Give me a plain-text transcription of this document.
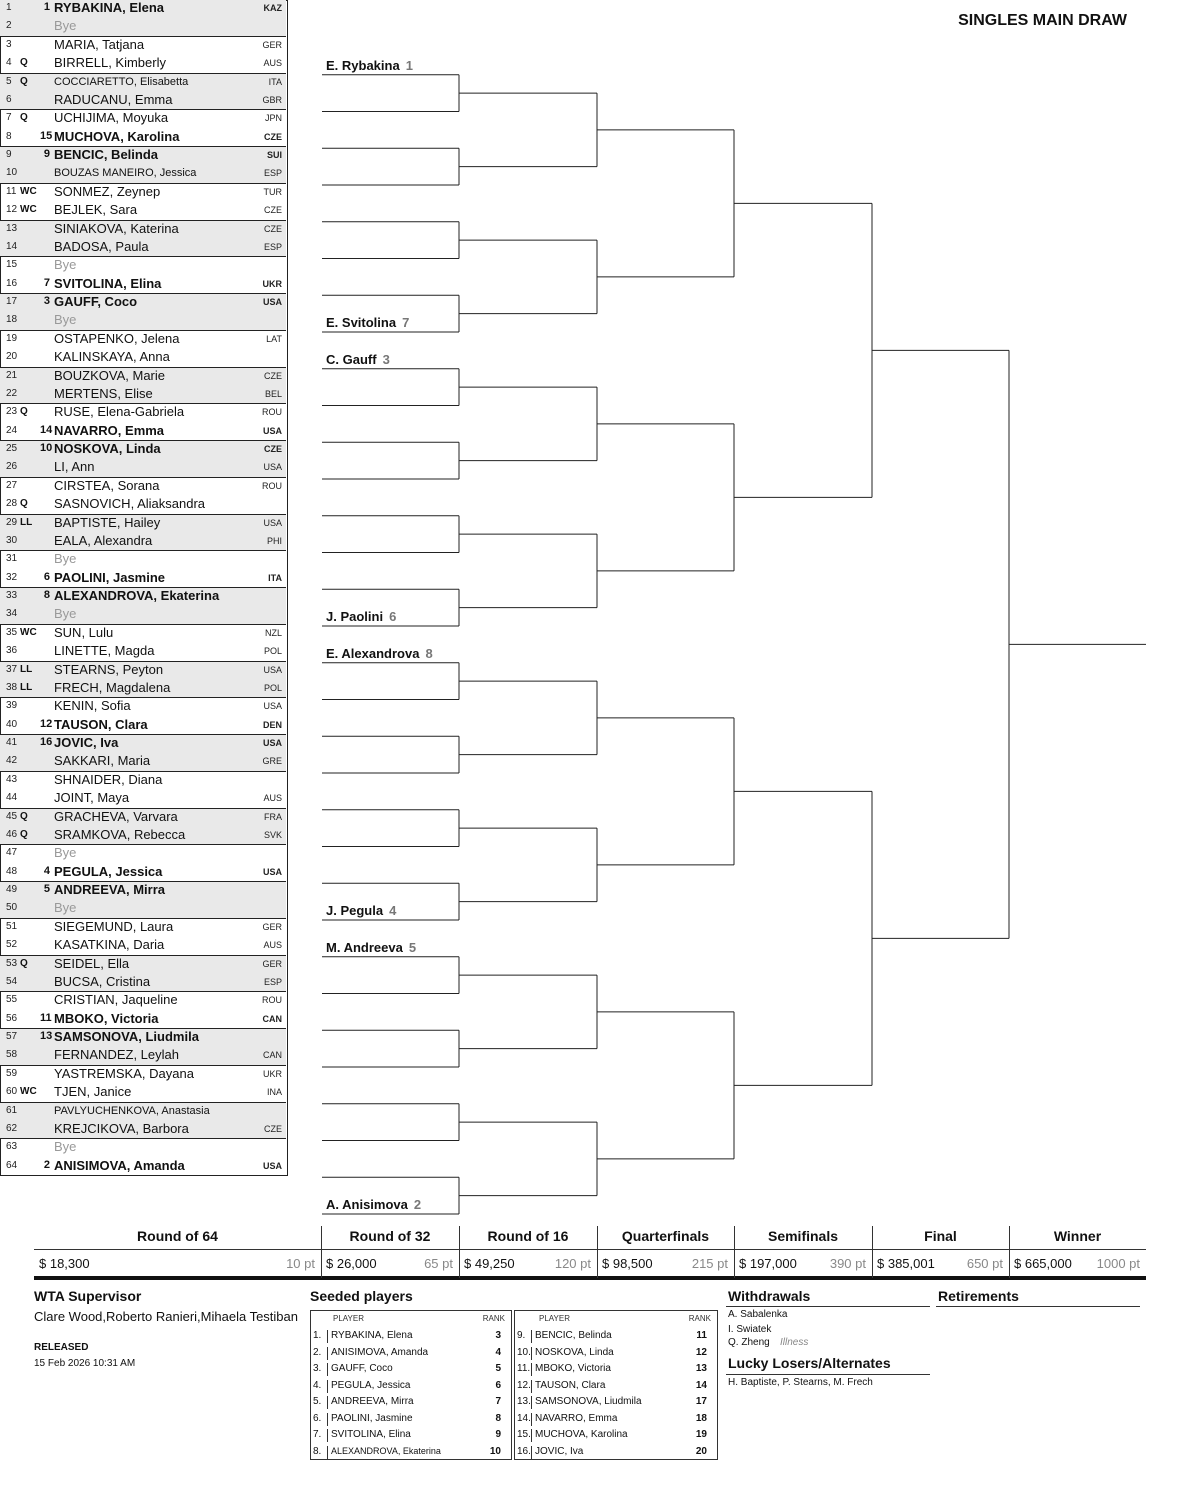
SINGLES MAIN DRAW
1	1 RYBAKINA, Elena	KAZ
2	Bye
3	MARIA, Tatjana	GER
4 Q BIRRELL, Kimberly	AUS
5 Q COCCIARETTO, Elisabetta	ITA
6	RADUCANU, Emma	GBR
7 Q UCHIJIMA, Moyuka	JPN
8	15 MUCHOVA, Karolina	CZE
9	9 BENCIC, Belinda	SUI
10	BOUZAS MANEIRO, Jessica	ESP
11 WC SONMEZ, Zeynep	TUR
12 WC BEJLEK, Sara	CZE
13	SINIAKOVA, Katerina	CZE
14	BADOSA, Paula	ESP
15	Bye
16	7 SVITOLINA, Elina	UKR
17	3 GAUFF, Coco	USA
18	Bye
19	OSTAPENKO, Jelena	LAT
20	KALINSKAYA, Anna
21	BOUZKOVA, Marie	CZE
22	MERTENS, Elise	BEL
23 Q RUSE, Elena-Gabriela	ROU
24 14 NAVARRO, Emma	USA
25 10 NOSKOVA, Linda	CZE
26	LI, Ann	USA
27	CIRSTEA, Sorana	ROU
28 Q SASNOVICH, Aliaksandra
29 LL BAPTISTE, Hailey	USA
30	EALA, Alexandra	PHI
31	Bye
32	6 PAOLINI, Jasmine	ITA
33	8 ALEXANDROVA, Ekaterina
34	Bye
35 WC SUN, Lulu	NZL
36	LINETTE, Magda	POL
37 LL STEARNS, Peyton	USA
38 LL FRECH, Magdalena	POL
39	KENIN, Sofia	USA
40 12 TAUSON, Clara	DEN
41 16 JOVIC, Iva	USA
42	SAKKARI, Maria	GRE
43	SHNAIDER, Diana
44	JOINT, Maya	AUS
45 Q GRACHEVA, Varvara	FRA
46 Q SRAMKOVA, Rebecca	SVK
47	Bye
48	4 PEGULA, Jessica	USA
49	5 ANDREEVA, Mirra
50	Bye
51	SIEGEMUND, Laura	GER
52	KASATKINA, Daria	AUS
53 Q SEIDEL, Ella	GER
54	BUCSA, Cristina	ESP
55	CRISTIAN, Jaqueline	ROU
56 11 MBOKO, Victoria	CAN
57 13 SAMSONOVA, Liudmila
58	FERNANDEZ, Leylah	CAN
59	YASTREMSKA, Dayana	UKR
60 WC TJEN, Janice	INA
61	PAVLYUCHENKOVA, Anastasia
62	KREJCIKOVA, Barbora	CZE
63	Bye
64	2 ANISIMOVA, Amanda	USA
E. Rybakina 1
E. Svitolina 7
C. Gauff 3
J. Paolini 6
E. Alexandrova 8
J. Pegula 4
M. Andreeva 5
A. Anisimova 2
Round of 64
$ 18,300	10 pt
Round of 32
$ 26,000	65 pt
Round of 16
$ 49,250	120 pt
Quarterfinals
$ 98,500	215 pt
Semifinals
$ 197,000	390 pt
Final
$ 385,001	650 pt
Winner
$ 665,000	1000 pt
WTA Supervisor
Clare Wood,Roberto Ranieri,Mihaela Testiban
RELEASED
15 Feb 2026 10:31 AM
Seeded players
PLAYER	RANK
1. RYBAKINA, Elena	3
2. ANISIMOVA, Amanda	4
3. GAUFF, Coco	5
4. PEGULA, Jessica	6
5. ANDREEVA, Mirra	7
6. PAOLINI, Jasmine	8
7. SVITOLINA, Elina	9
8.	ALEXANDROVA, Ekaterina	10
PLAYER	RANK
9. BENCIC, Belinda	11
10. NOSKOVA, Linda	12
11. MBOKO, Victoria	13
12. TAUSON, Clara	14
13. SAMSONOVA, Liudmila	17
14. NAVARRO, Emma	18
15. MUCHOVA, Karolina	19
16. JOVIC, Iva	20
Withdrawals
A. Sabalenka
I. Swiatek
Q. Zheng Illness
Lucky Losers/Alternates
H. Baptiste, P. Stearns, M. Frech
Retirements
